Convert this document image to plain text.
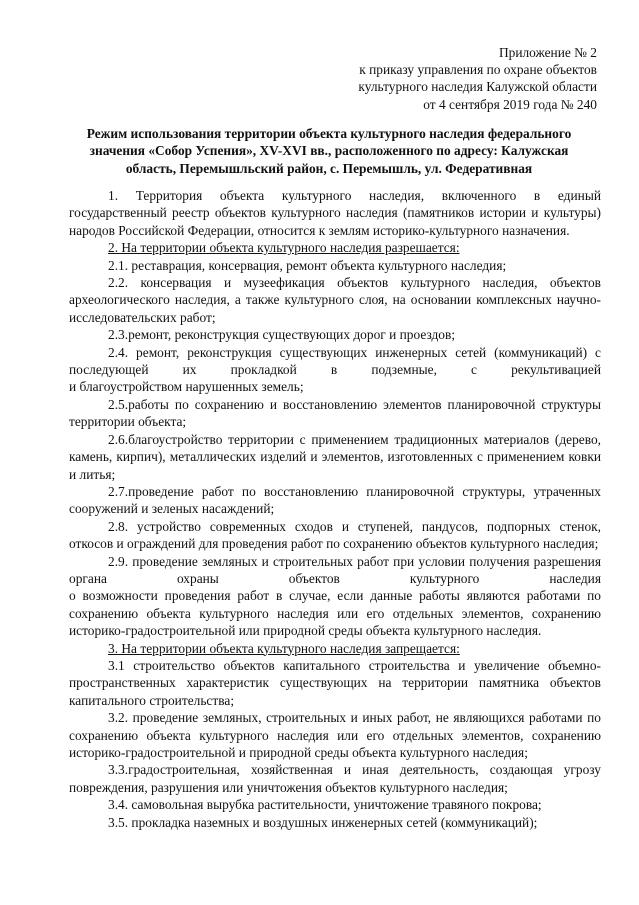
Приложение № 2
к приказу управления по охране объектов
культурного наследия Калужской области
от 4 сентября 2019 года № 240
Режим использования территории объекта культурного наследия федерального значения «Собор Успения», XV-XVI вв., расположенного по адресу: Калужская область, Перемышльский район, с. Перемышль, ул. Федеративная

1. Территория объекта культурного наследия, включенного в единый государственный реестр объектов культурного наследия (памятников истории и культуры) народов Российской Федерации, относится к землям историко-культурного назначения.

2. На территории объекта культурного наследия разрешается:

2.1. реставрация, консервация, ремонт объекта культурного наследия;

2.2. консервация и музеефикация объектов культурного наследия, объектов археологического наследия, а также культурного слоя, на основании комплексных научно-исследовательских работ;

2.3.ремонт, реконструкция существующих дорог и проездов;

2.4. ремонт, реконструкция существующих инженерных сетей (коммуникаций) с последующей их прокладкой в подземные, с рекультивацией

и благоустройством нарушенных земель;

2.5.работы по сохранению и восстановлению элементов планировочной структуры территории объекта;

2.6.благоустройство территории с применением традиционных материалов (дерево, камень, кирпич), металлических изделий и элементов, изготовленных с применением ковки и литья;

2.7.проведение работ по восстановлению планировочной структуры, утраченных сооружений и зеленых насаждений;

2.8. устройство современных сходов и ступеней, пандусов, подпорных стенок, откосов и ограждений для проведения работ по сохранению объектов культурного наследия;

2.9. проведение земляных и строительных работ при условии получения разрешения органа охраны объектов культурного наследия

о возможности проведения работ в случае, если данные работы являются работами по сохранению объекта культурного наследия или его отдельных элементов, сохранению историко-градостроительной или природной среды объекта культурного наследия.

3. На территории объекта культурного наследия запрещается:

3.1 строительство объектов капитального строительства и увеличение объемно-пространственных характеристик существующих на территории памятника объектов капитального строительства;

3.2. проведение земляных, строительных и иных работ, не являющихся работами по сохранению объекта культурного наследия или его отдельных элементов, сохранению историко-градостроительной и природной среды объекта культурного наследия;

3.3.градостроительная, хозяйственная и иная деятельность, создающая угрозу повреждения, разрушения или уничтожения объектов культурного наследия;

3.4. самовольная вырубка растительности, уничтожение травяного покрова;

3.5. прокладка наземных и воздушных инженерных сетей (коммуникаций);
